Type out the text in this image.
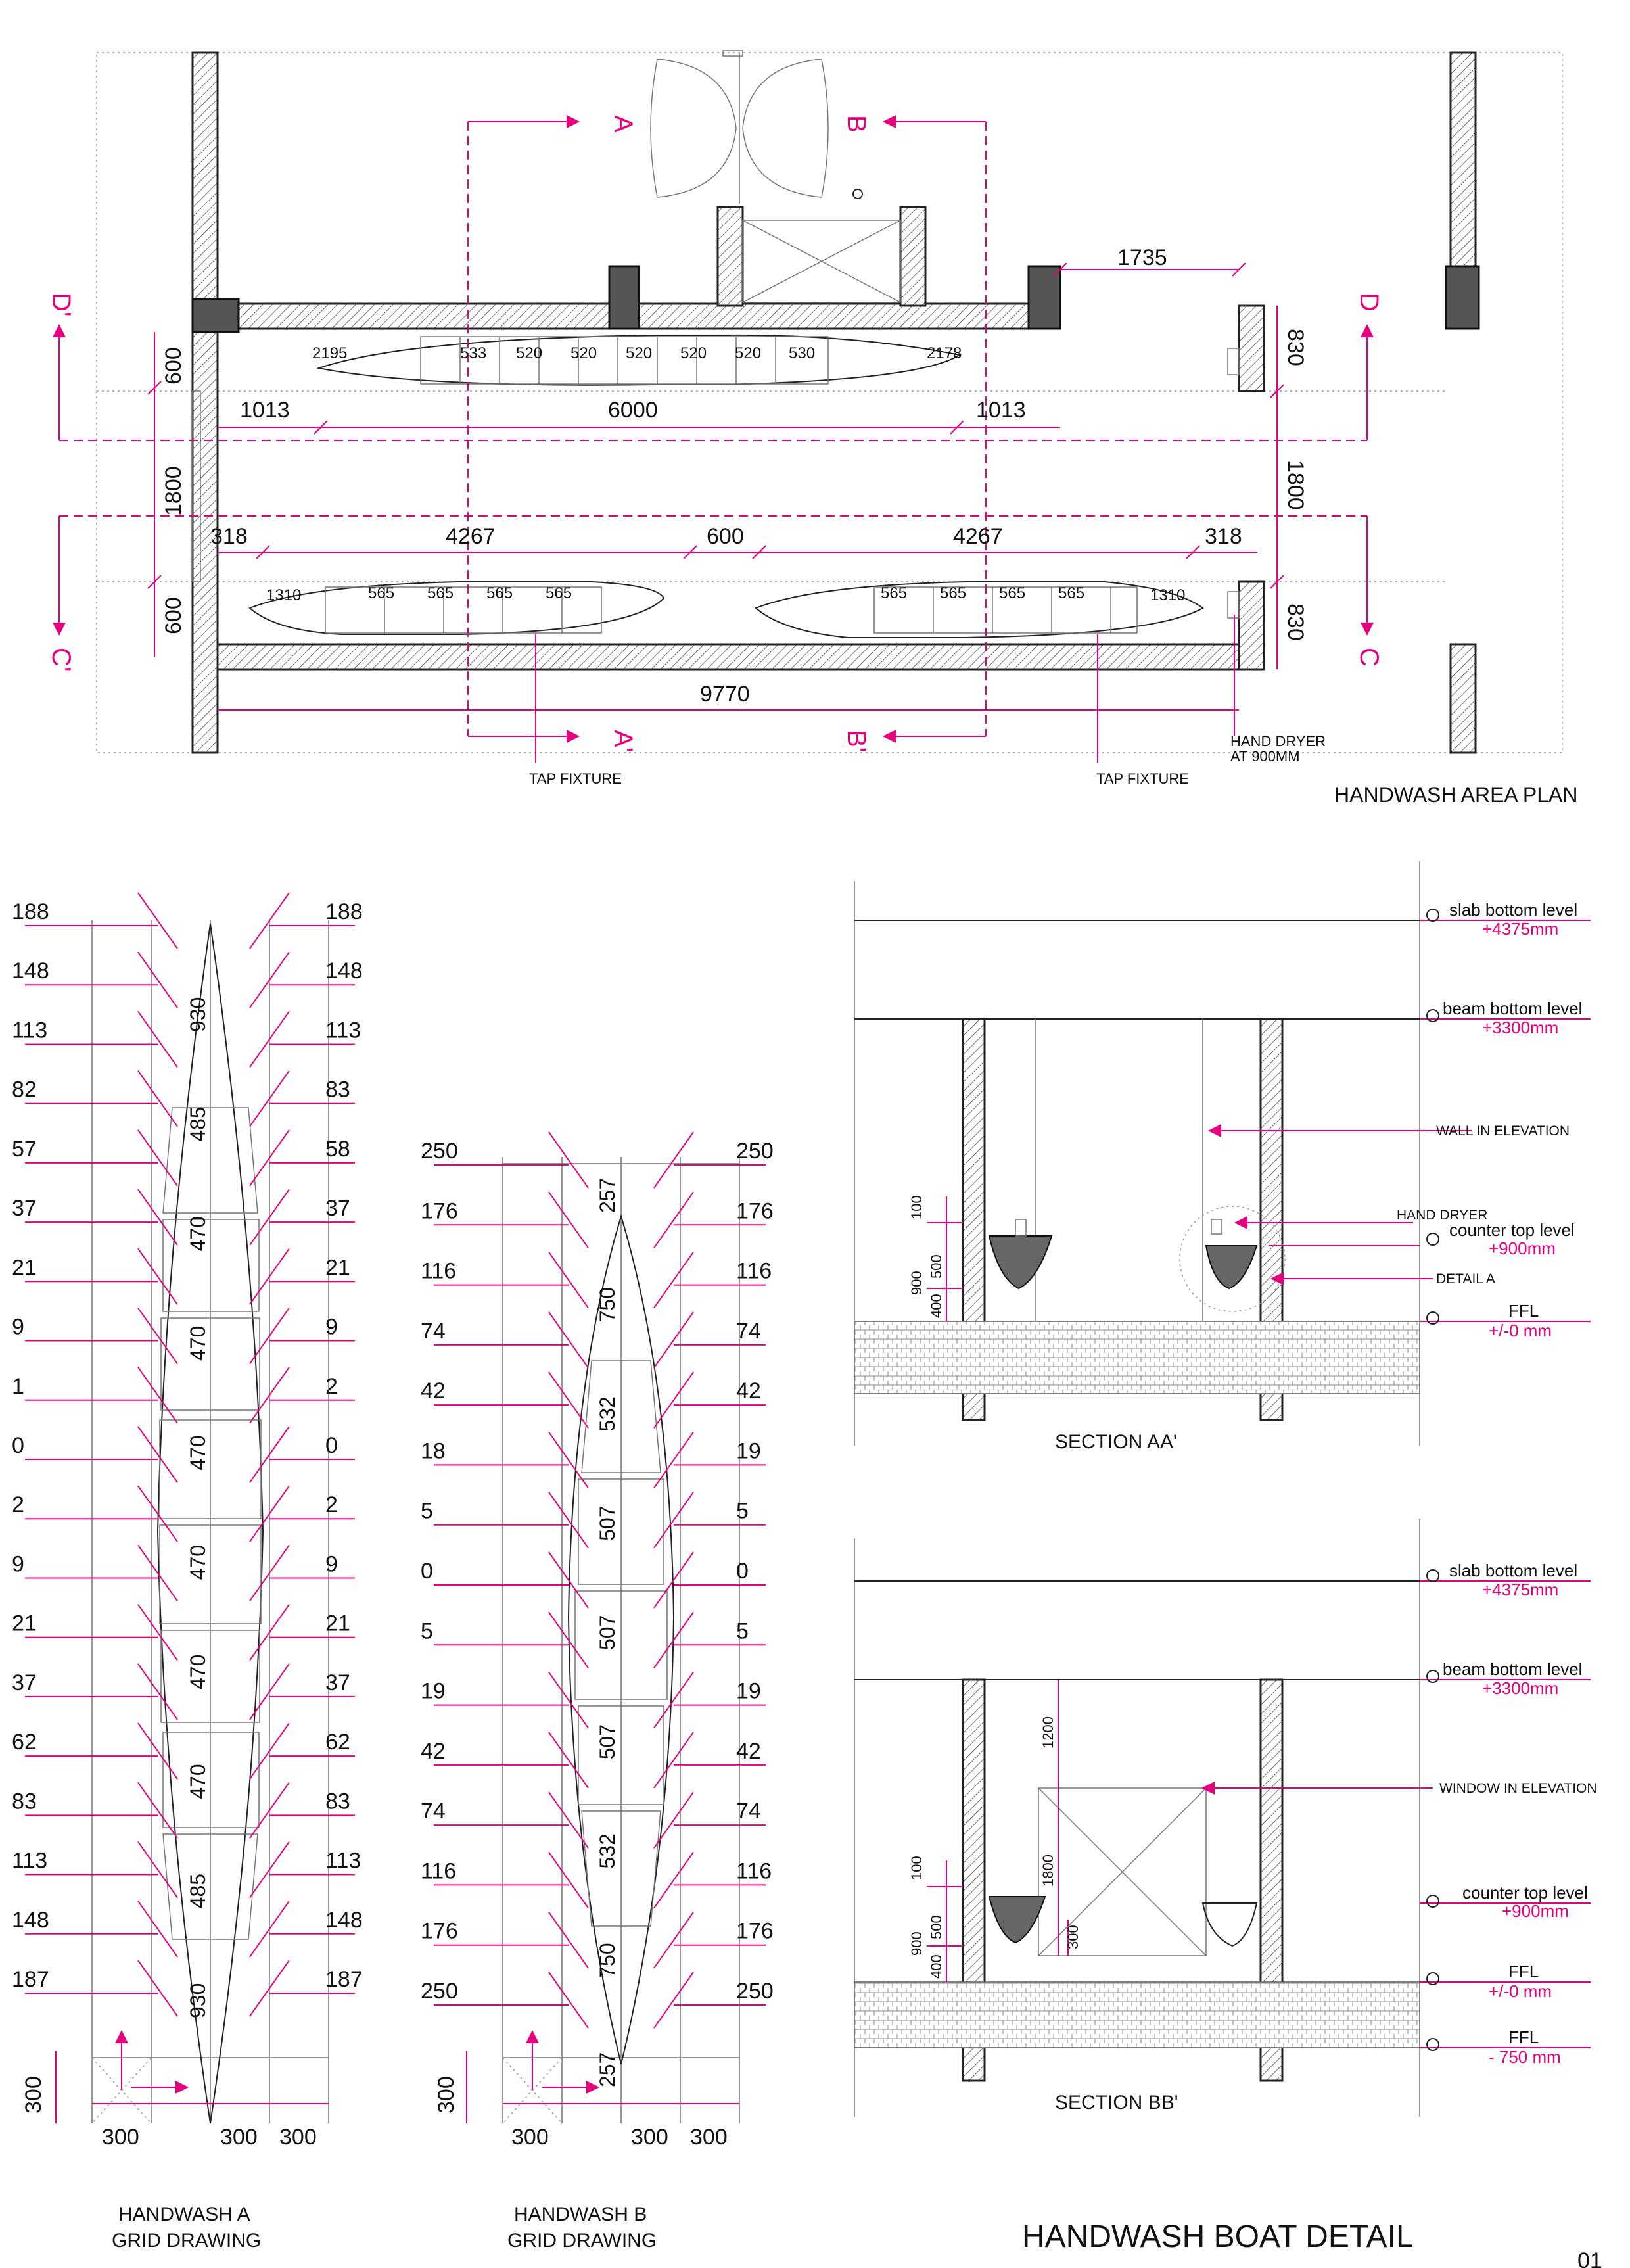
A	B
A'	B'
D'	D
C'	C
1735
830
830
600
600
1800	1800
1013	6000	1013
318	4267	600	4267	318
9770
2195	533 520 520 520 520 520 530	2178
1310	565 565 565 565	565 565 565 565	1310
TAP FIXTURE	TAP FIXTURE
HAND DRYER
AT 900MM
HANDWASH AREA PLAN
300
300	300 300
188	188
148	148
113	113
82	83
57	58
37	37
21	21
9	9
1	2
0	0
2	2
9	9
21	21
37	37
62	62
83	83
113	113
148	148
187	187
930
485
470
470
470
470
470
470
485
930
HANDWASH A
GRID DRAWING
300
300	300 300
250	250
176	176
116	116
74	74
42	42
18	19
5	5
0	0
5	5
19	19
42	42
74	74
116	116
176	176
250	250
257
750
532
507
507
507
532
750
257
HANDWASH B
GRID DRAWING
100
500
900
400
slab bottom level
+4375mm
beam bottom level
+3300mm
counter top level
+900mm
FFL
+/-0 mm
WALL IN ELEVATION
HAND DRYER
DETAIL A
SECTION AA'
1200
1800
300
100
500
900
400
slab bottom level
+4375mm
beam bottom level
+3300mm
counter top level
+900mm
FFL
+/-0 mm
FFL
- 750 mm
WINDOW IN ELEVATION
SECTION BB'
HANDWASH BOAT DETAIL
01
